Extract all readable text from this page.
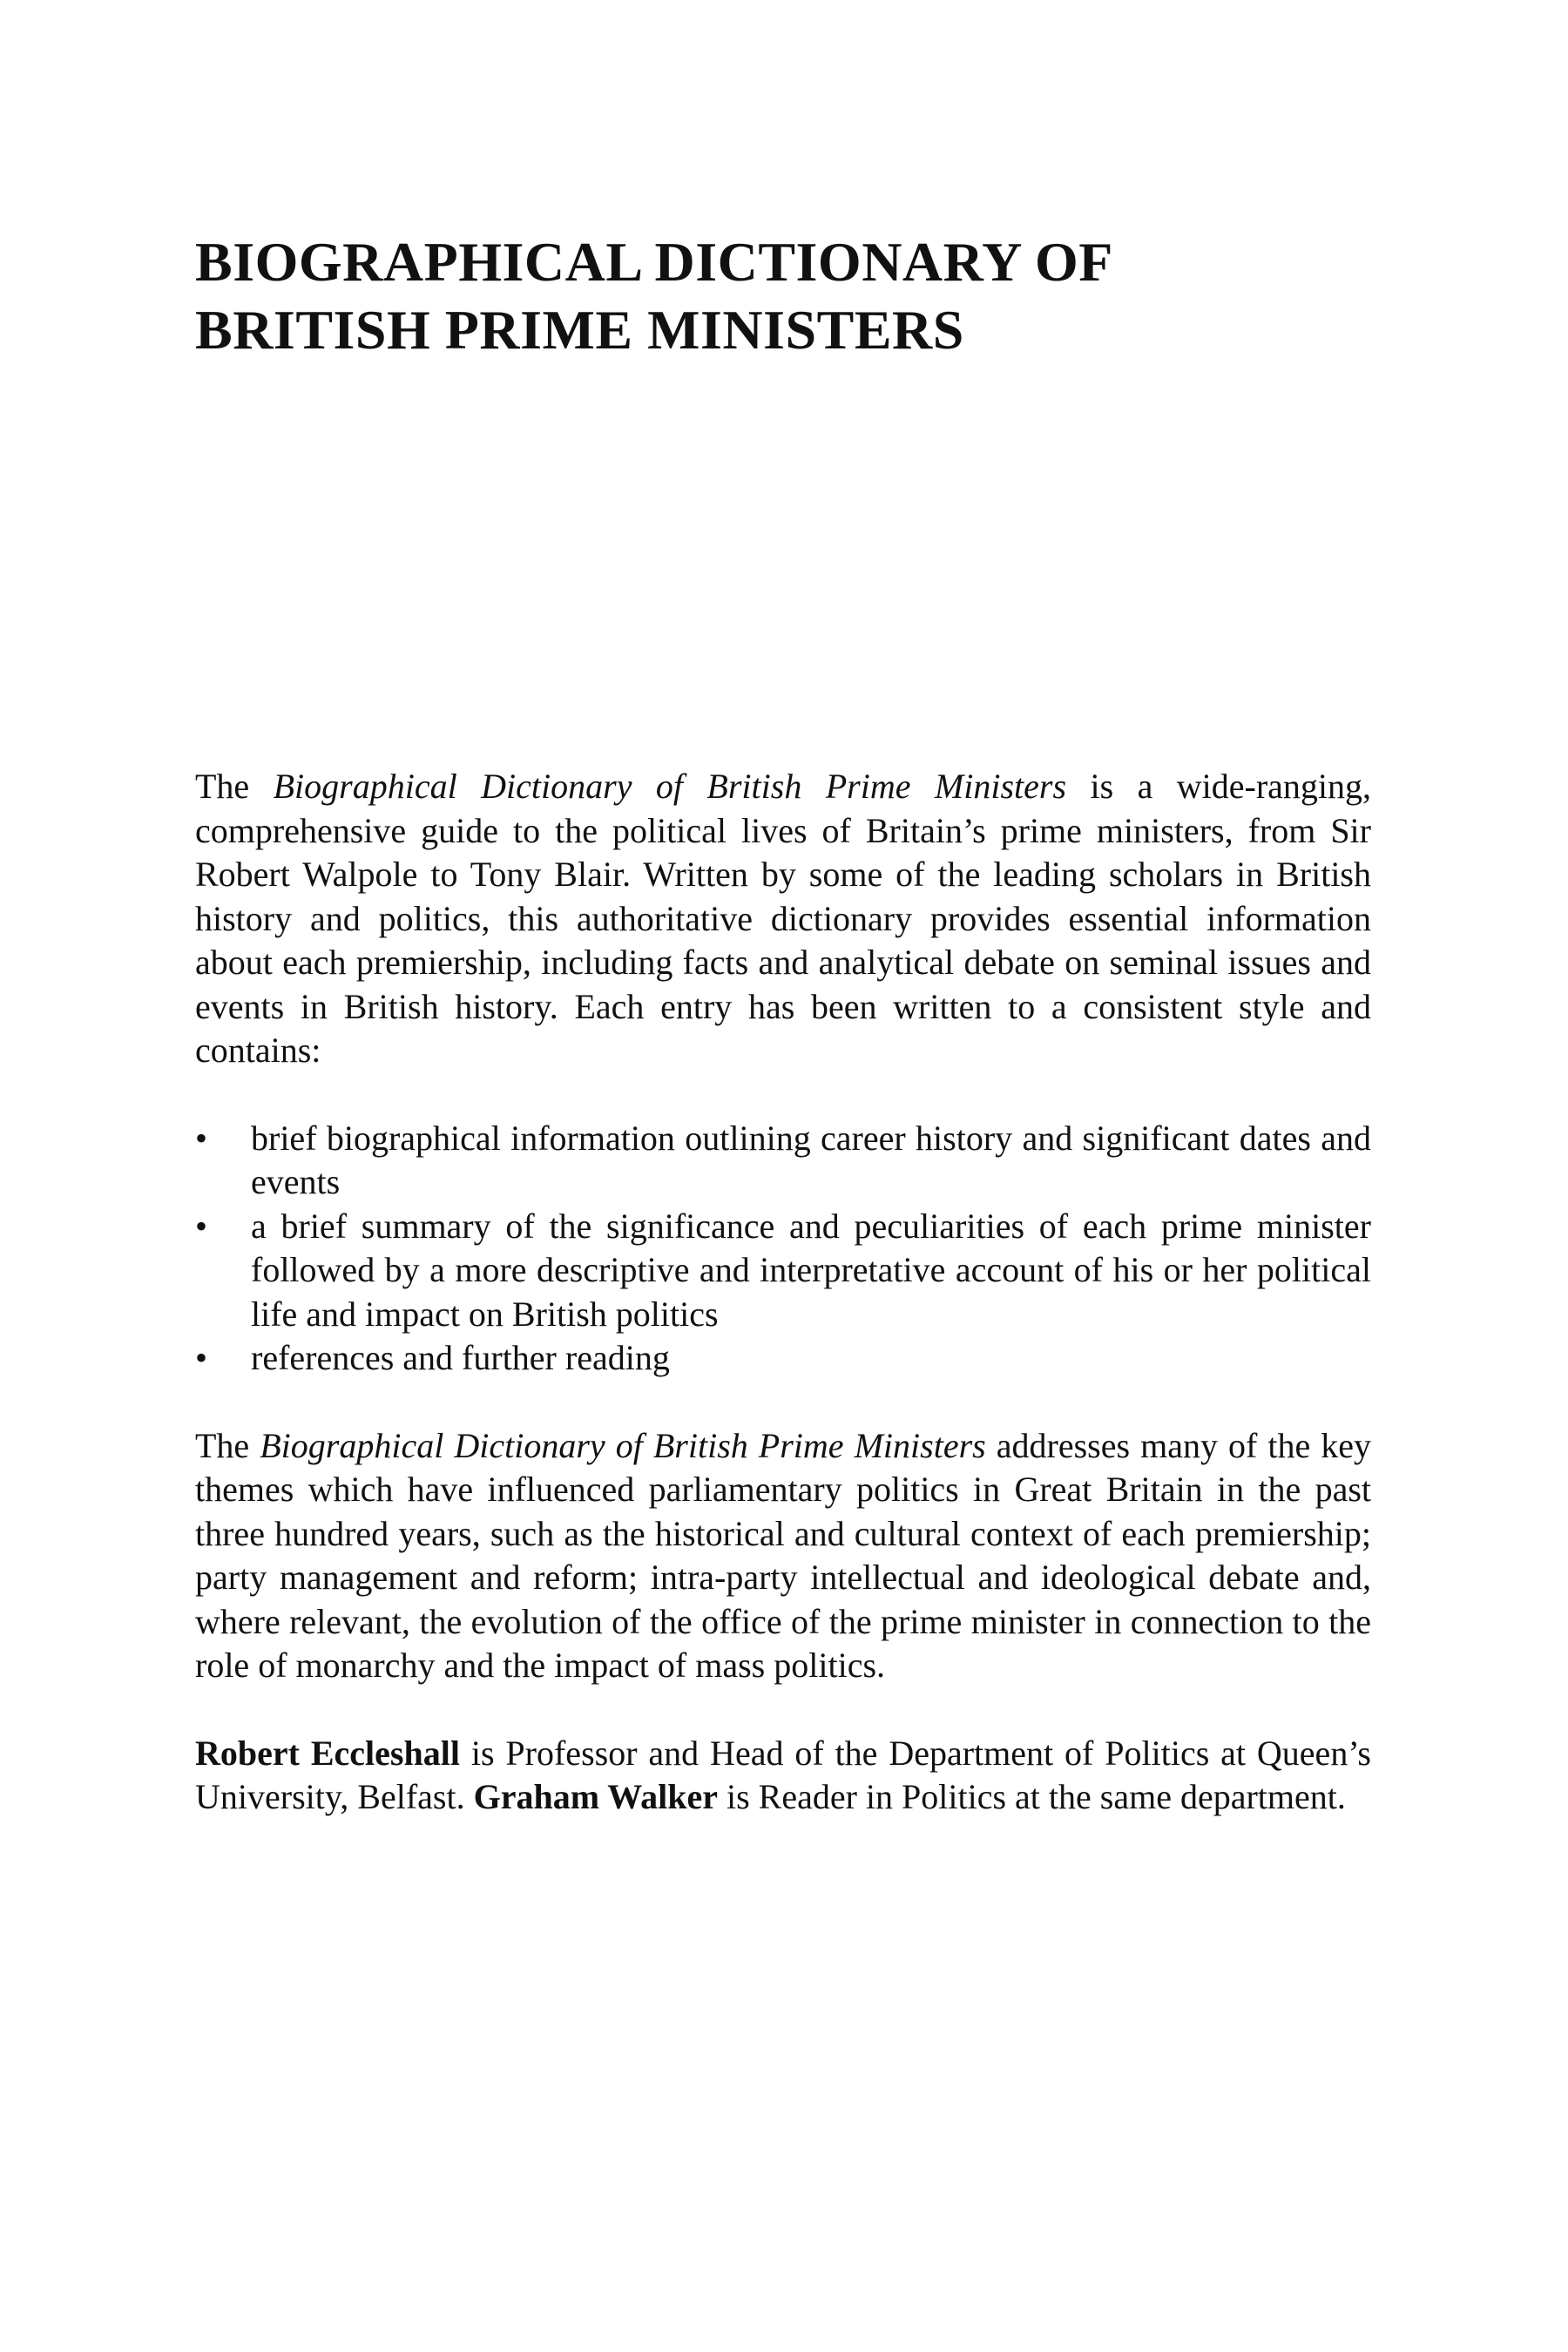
BIOGRAPHICAL DICTIONARY OF
BRITISH PRIME MINISTERS

The Biographical Dictionary of British Prime Ministers is a wide-ranging, comprehensive guide to the political lives of Britain’s prime ministers, from Sir Robert Walpole to Tony Blair. Written by some of the leading scholars in British history and politics, this authoritative dictionary provides essential information about each premiership, including facts and analytical debate on seminal issues and events in British history. Each entry has been written to a consistent style and contains:

• brief biographical information outlining career history and significant dates and events
• a brief summary of the significance and peculiarities of each prime minister followed by a more descriptive and interpretative account of his or her political life and impact on British politics
• references and further reading

The Biographical Dictionary of British Prime Ministers addresses many of the key themes which have influenced parliamentary politics in Great Britain in the past three hundred years, such as the historical and cultural context of each premiership; party management and reform; intra-party intellectual and ideological debate and, where relevant, the evolution of the office of the prime minister in connection to the role of monarchy and the impact of mass politics.

Robert Eccleshall is Professor and Head of the Department of Politics at Queen’s University, Belfast. Graham Walker is Reader in Politics at the same department.
